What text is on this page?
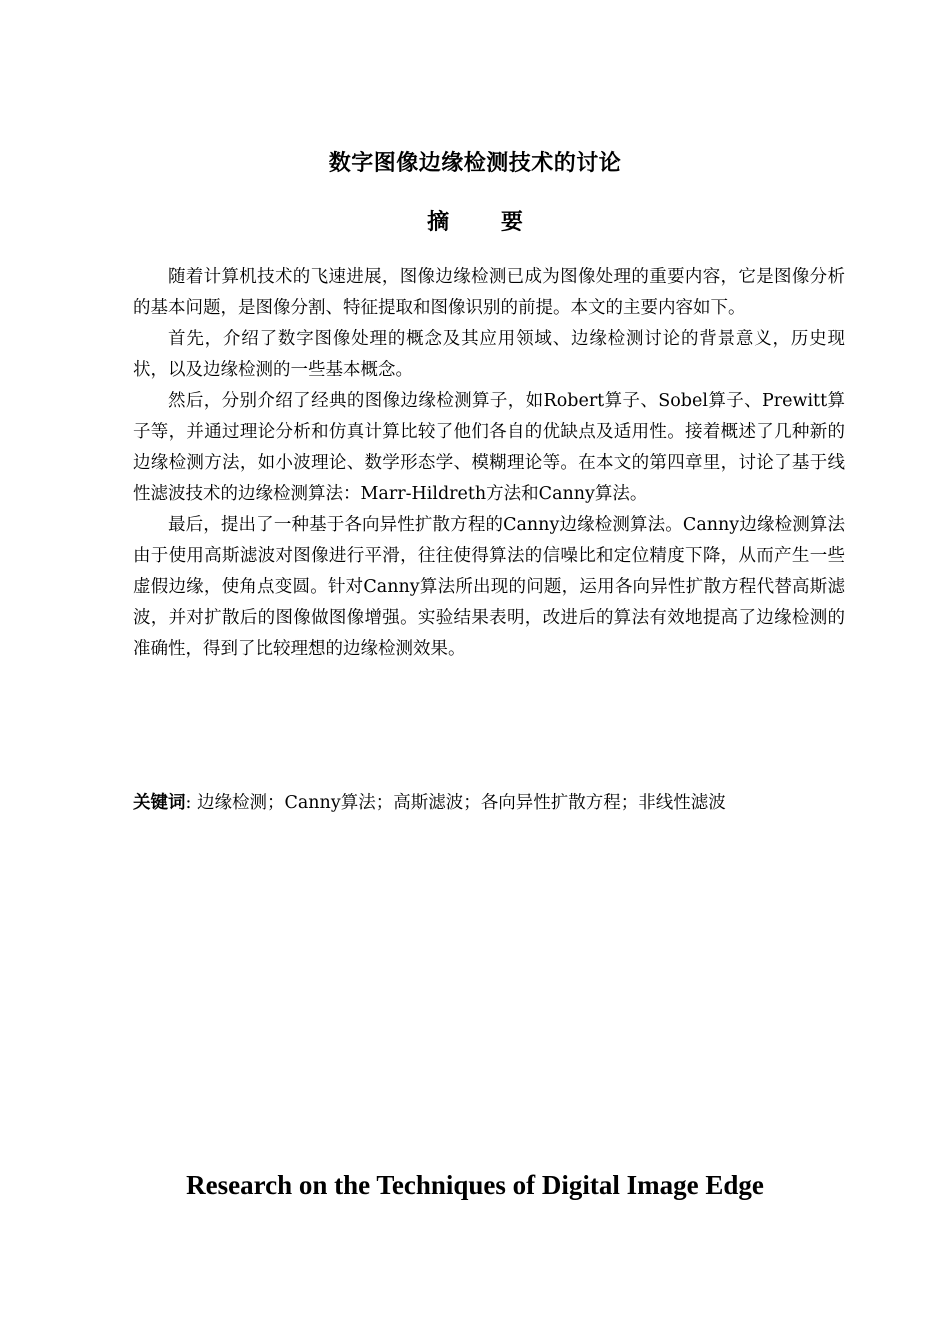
数字图像边缘检测技术的讨论
摘 要

随着计算机技术的飞速进展，图像边缘检测已成为图像处理的重要内容，它是图像分析的基本问题，是图像分割、特征提取和图像识别的前提。本文的主要内容如下。

首先，介绍了数字图像处理的概念及其应用领域、边缘检测讨论的背景意义，历史现状，以及边缘检测的一些基本概念。

然后，分别介绍了经典的图像边缘检测算子，如Robert算子、Sobel算子、Prewitt算子等，并通过理论分析和仿真计算比较了他们各自的优缺点及适用性。接着概述了几种新的边缘检测方法，如小波理论、数学形态学、模糊理论等。在本文的第四章里，讨论了基于线性滤波技术的边缘检测算法：Marr-Hildreth方法和Canny算法。

最后，提出了一种基于各向异性扩散方程的Canny边缘检测算法。Canny边缘检测算法由于使用高斯滤波对图像进行平滑，往往使得算法的信噪比和定位精度下降，从而产生一些虚假边缘，使角点变圆。针对Canny算法所出现的问题，运用各向异性扩散方程代替高斯滤波，并对扩散后的图像做图像增强。实验结果表明，改进后的算法有效地提高了边缘检测的准确性，得到了比较理想的边缘检测效果。

关键词: 边缘检测；Canny算法；高斯滤波；各向异性扩散方程；非线性滤波
Research on the Techniques of Digital Image Edge
